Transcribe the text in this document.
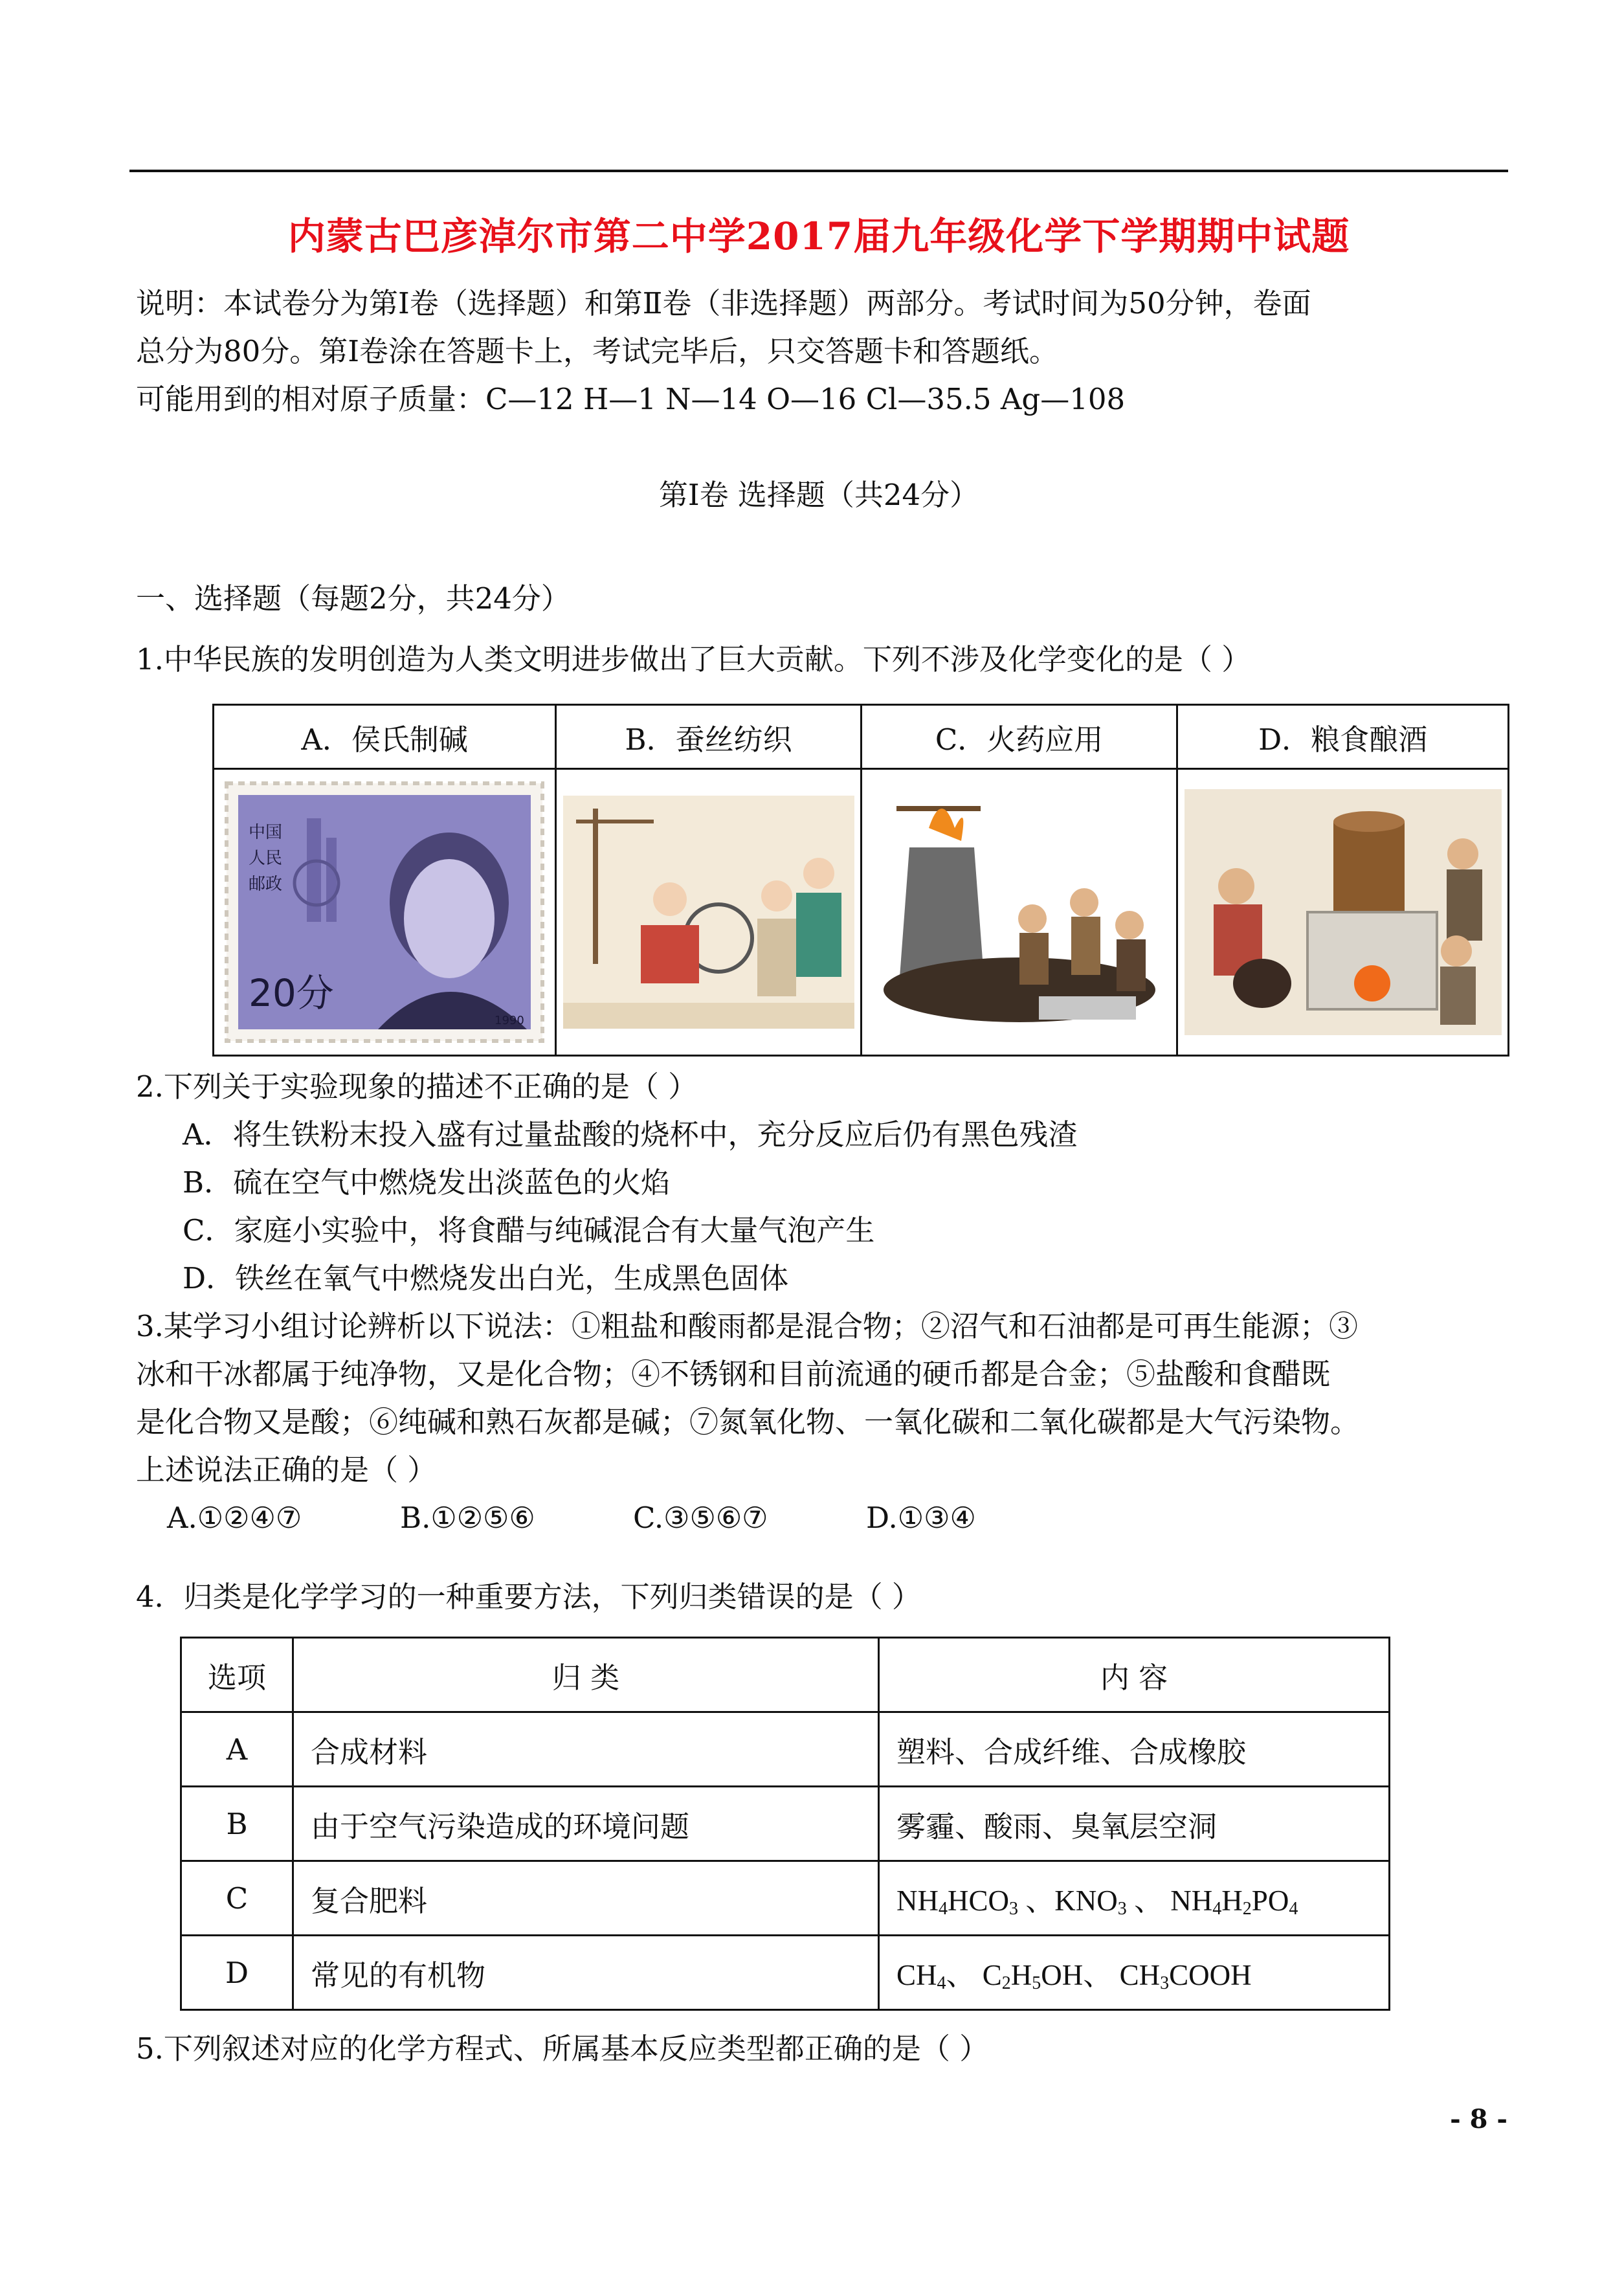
内蒙古巴彦淖尔市第二中学2017届九年级化学下学期期中试题
说明：本试卷分为第Ⅰ卷（选择题）和第Ⅱ卷（非选择题）两部分。考试时间为50分钟，卷面
总分为80分。第Ⅰ卷涂在答题卡上，考试完毕后，只交答题卡和答题纸。
可能用到的相对原子质量：C—12 H—1 N—14 O—16 Cl—35.5 Ag—108
第Ⅰ卷 选择题（共24分）
一、选择题（每题2分，共24分）
1.中华民族的发明创造为人类文明进步做出了巨大贡献。下列不涉及化学变化的是（ ）
A．侯氏制碱	B．蚕丝纺织	C．火药应用	D．粮食酿酒

中国
人民
邮政
20分
1990

2.下列关于实验现象的描述不正确的是（ ）
A．将生铁粉末投入盛有过量盐酸的烧杯中，充分反应后仍有黑色残渣
B．硫在空气中燃烧发出淡蓝色的火焰
C．家庭小实验中，将食醋与纯碱混合有大量气泡产生
D．铁丝在氧气中燃烧发出白光，生成黑色固体
3.某学习小组讨论辨析以下说法：①粗盐和酸雨都是混合物；②沼气和石油都是可再生能源；③
冰和干冰都属于纯净物，又是化合物；④不锈钢和目前流通的硬币都是合金；⑤盐酸和食醋既
是化合物又是酸；⑥纯碱和熟石灰都是碱；⑦氮氧化物、一氧化碳和二氧化碳都是大气污染物。
上述说法正确的是（ ）
A.①②④⑦	B.①②⑤⑥	C.③⑤⑥⑦	D.①③④
4．归类是化学学习的一种重要方法，下列归类错误的是（ ）
选项	归 类	内 容
A	合成材料	塑料、合成纤维、合成橡胶
B	由于空气污染造成的环境问题	雾霾、酸雨、臭氧层空洞
C	复合肥料	$NH_4HCO_3$ 、$KNO_3$ 、 $NH_4H_2PO_4$
D	常见的有机物	$CH_4$、 $C_2H_5OH$、 $CH_3COOH$
5.下列叙述对应的化学方程式、所属基本反应类型都正确的是（ ）
- 8 -
